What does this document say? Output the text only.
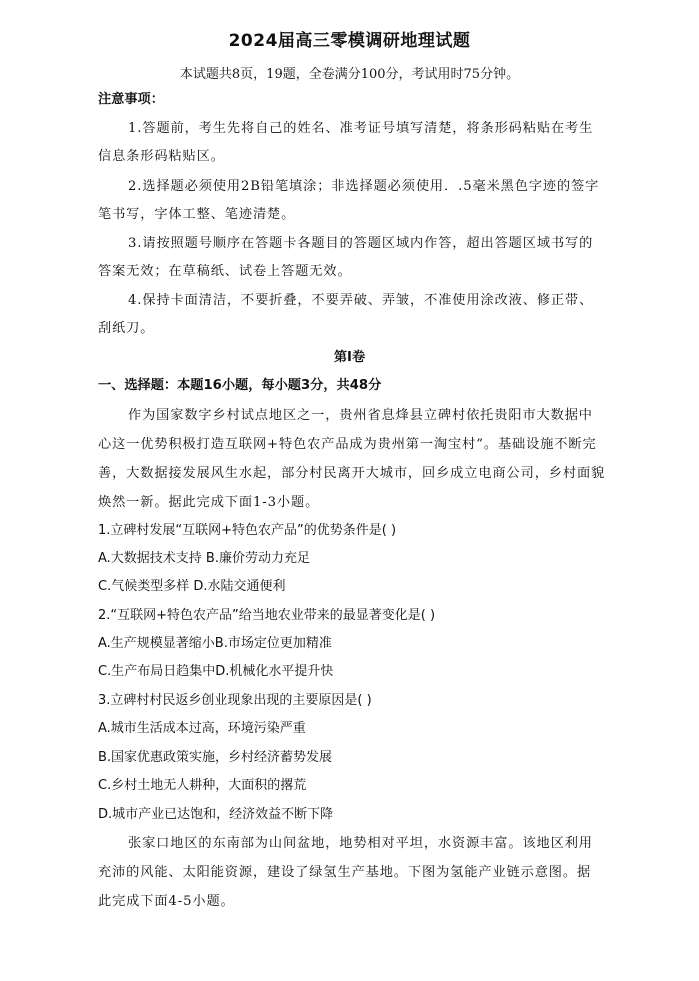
2024届高三零模调研地理试题
本试题共8页，19题，全卷满分100分，考试用时75分钟。
注意事项：
1.答题前，考生先将自己的姓名、准考证号填写清楚，将条形码粘贴在考生
信息条形码粘贴区。
2.选择题必须使用2B铅笔填涂；非选择题必须使用．.5毫米黑色字迹的签字
笔书写，字体工整、笔迹清楚。
3.请按照题号顺序在答题卡各题目的答题区域内作答，超出答题区域书写的
答案无效；在草稿纸、试卷上答题无效。
4.保持卡面清洁，不要折叠，不要弄破、弄皱，不准使用涂改液、修正带、
刮纸刀。
第I卷
一、选择题：本题16小题，每小题3分，共48分
作为国家数字乡村试点地区之一，贵州省息烽县立碑村依托贵阳市大数据中
心这一优势积极打造互联网+特色农产品成为贵州第一淘宝村”。基础设施不断完
善，大数据接发展风生水起，部分村民离开大城市，回乡成立电商公司，乡村面貌
焕然一新。据此完成下面1-3小题。
1.立碑村发展“互联网+特色农产品”的优势条件是( )
A.大数据技术支持 B.廉价劳动力充足
C.气候类型多样 D.水陆交通便利
2.“互联网+特色农产品”给当地农业带来的最显著变化是( )
A.生产规模显著缩小B.市场定位更加精准
C.生产布局日趋集中D.机械化水平提升快
3.立碑村村民返乡创业现象出现的主要原因是( )
A.城市生活成本过高，环境污染严重
B.国家优惠政策实施，乡村经济蓄势发展
C.乡村土地无人耕种，大面积的撂荒
D.城市产业已达饱和，经济效益不断下降
张家口地区的东南部为山间盆地，地势相对平坦，水资源丰富。该地区利用
充沛的风能、太阳能资源，建设了绿氢生产基地。下图为氢能产业链示意图。据
此完成下面4-5小题。
